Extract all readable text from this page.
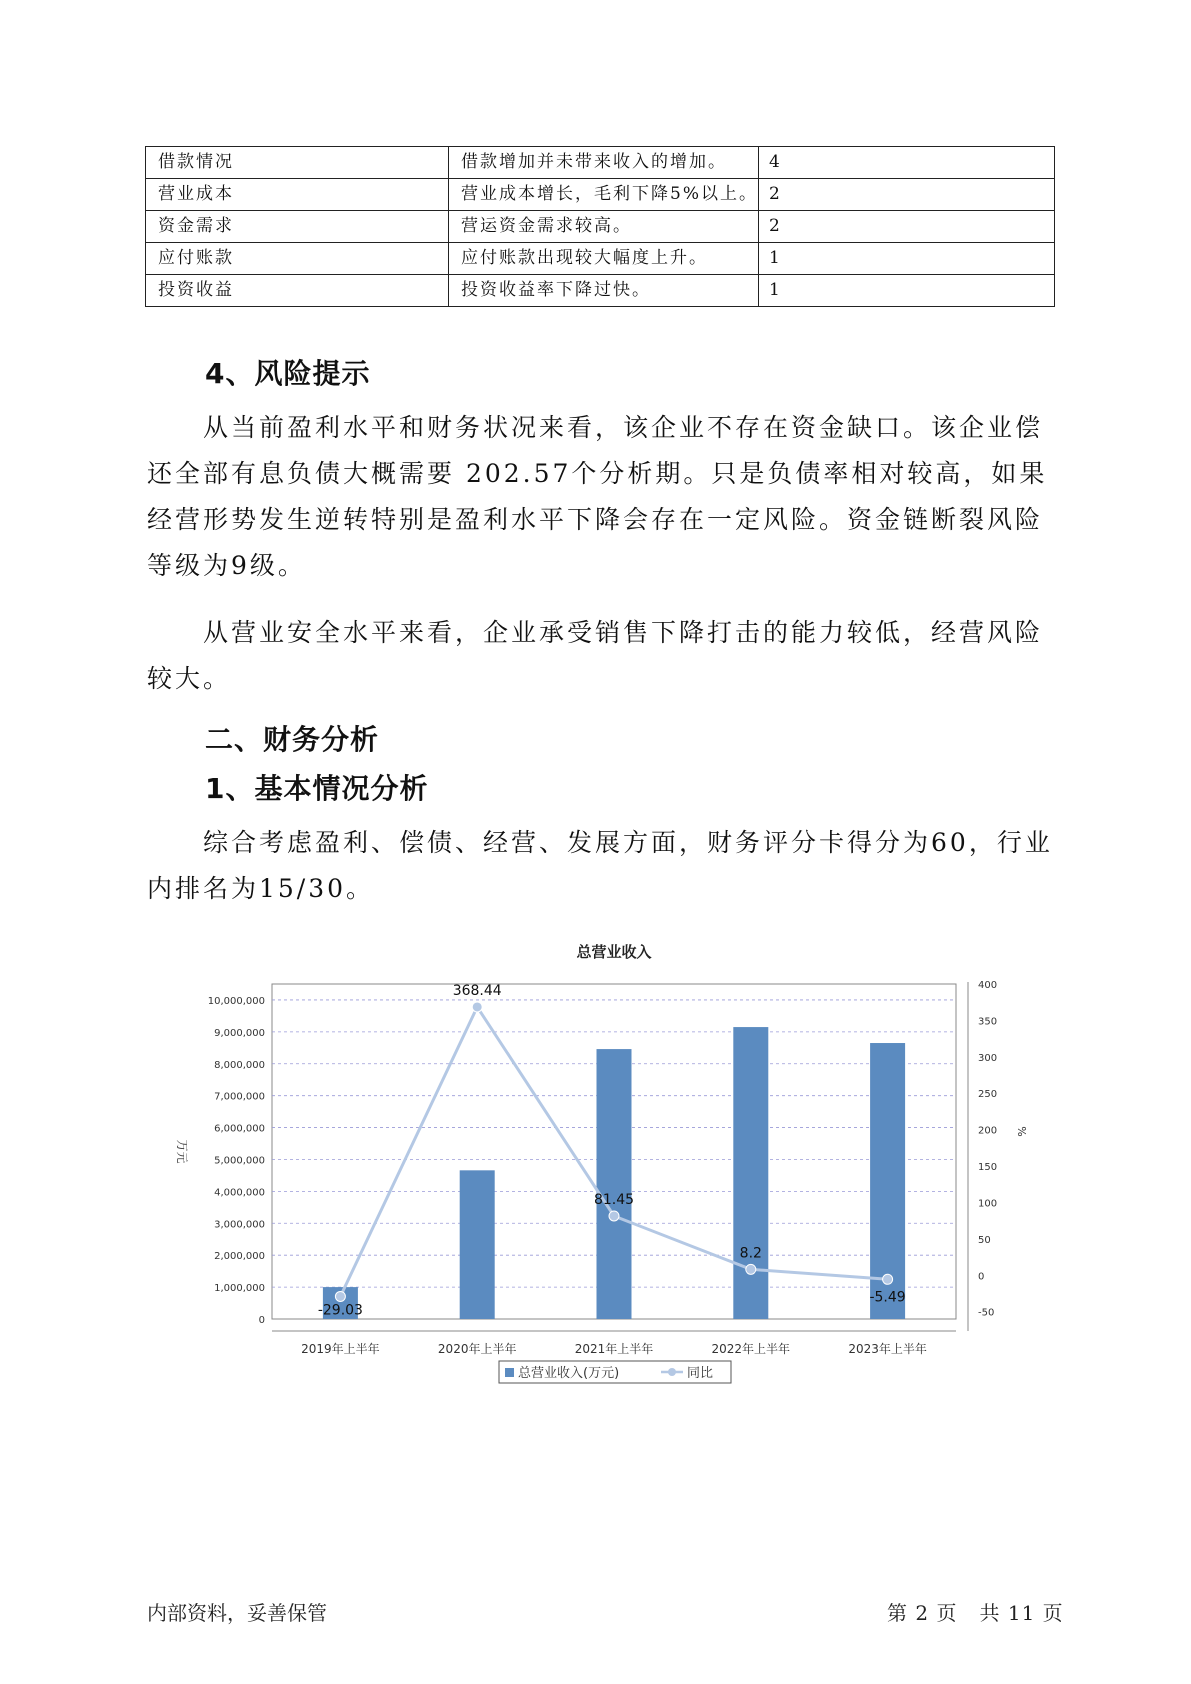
借款情况	借款增加并未带来收入的增加。	4
营业成本	营业成本增长，毛利下降5%以上。	2
资金需求	营运资金需求较高。	2
应付账款	应付账款出现较大幅度上升。	1
投资收益	投资收益率下降过快。	1
4、风险提示

从当前盈利水平和财务状况来看，该企业不存在资金缺口。该企业偿还全部有息负债大概需要 202.57个分析期。只是负债率相对较高，如果经营形势发生逆转特别是盈利水平下降会存在一定风险。资金链断裂风险等级为9级。

从营业安全水平来看，企业承受销售下降打击的能力较低，经营风险较大。

二、财务分析
1、基本情况分析

综合考虑盈利、偿债、经营、发展方面，财务评分卡得分为60，行业内排名为15/30。

总营业收入
0
1,000,000
2,000,000
3,000,000
4,000,000
5,000,000
6,000,000
7,000,000
8,000,000
9,000,000
10,000,000
万元
-50
0
50
100
150
200
250
300
350
400
%
2019年上半年	2020年上半年	2021年上半年	2022年上半年	2023年上半年
-29.03
368.44
81.45
8.2
-5.49
总营业收入(万元)	同比
内部资料，妥善保管	第 2 页   共 11 页
